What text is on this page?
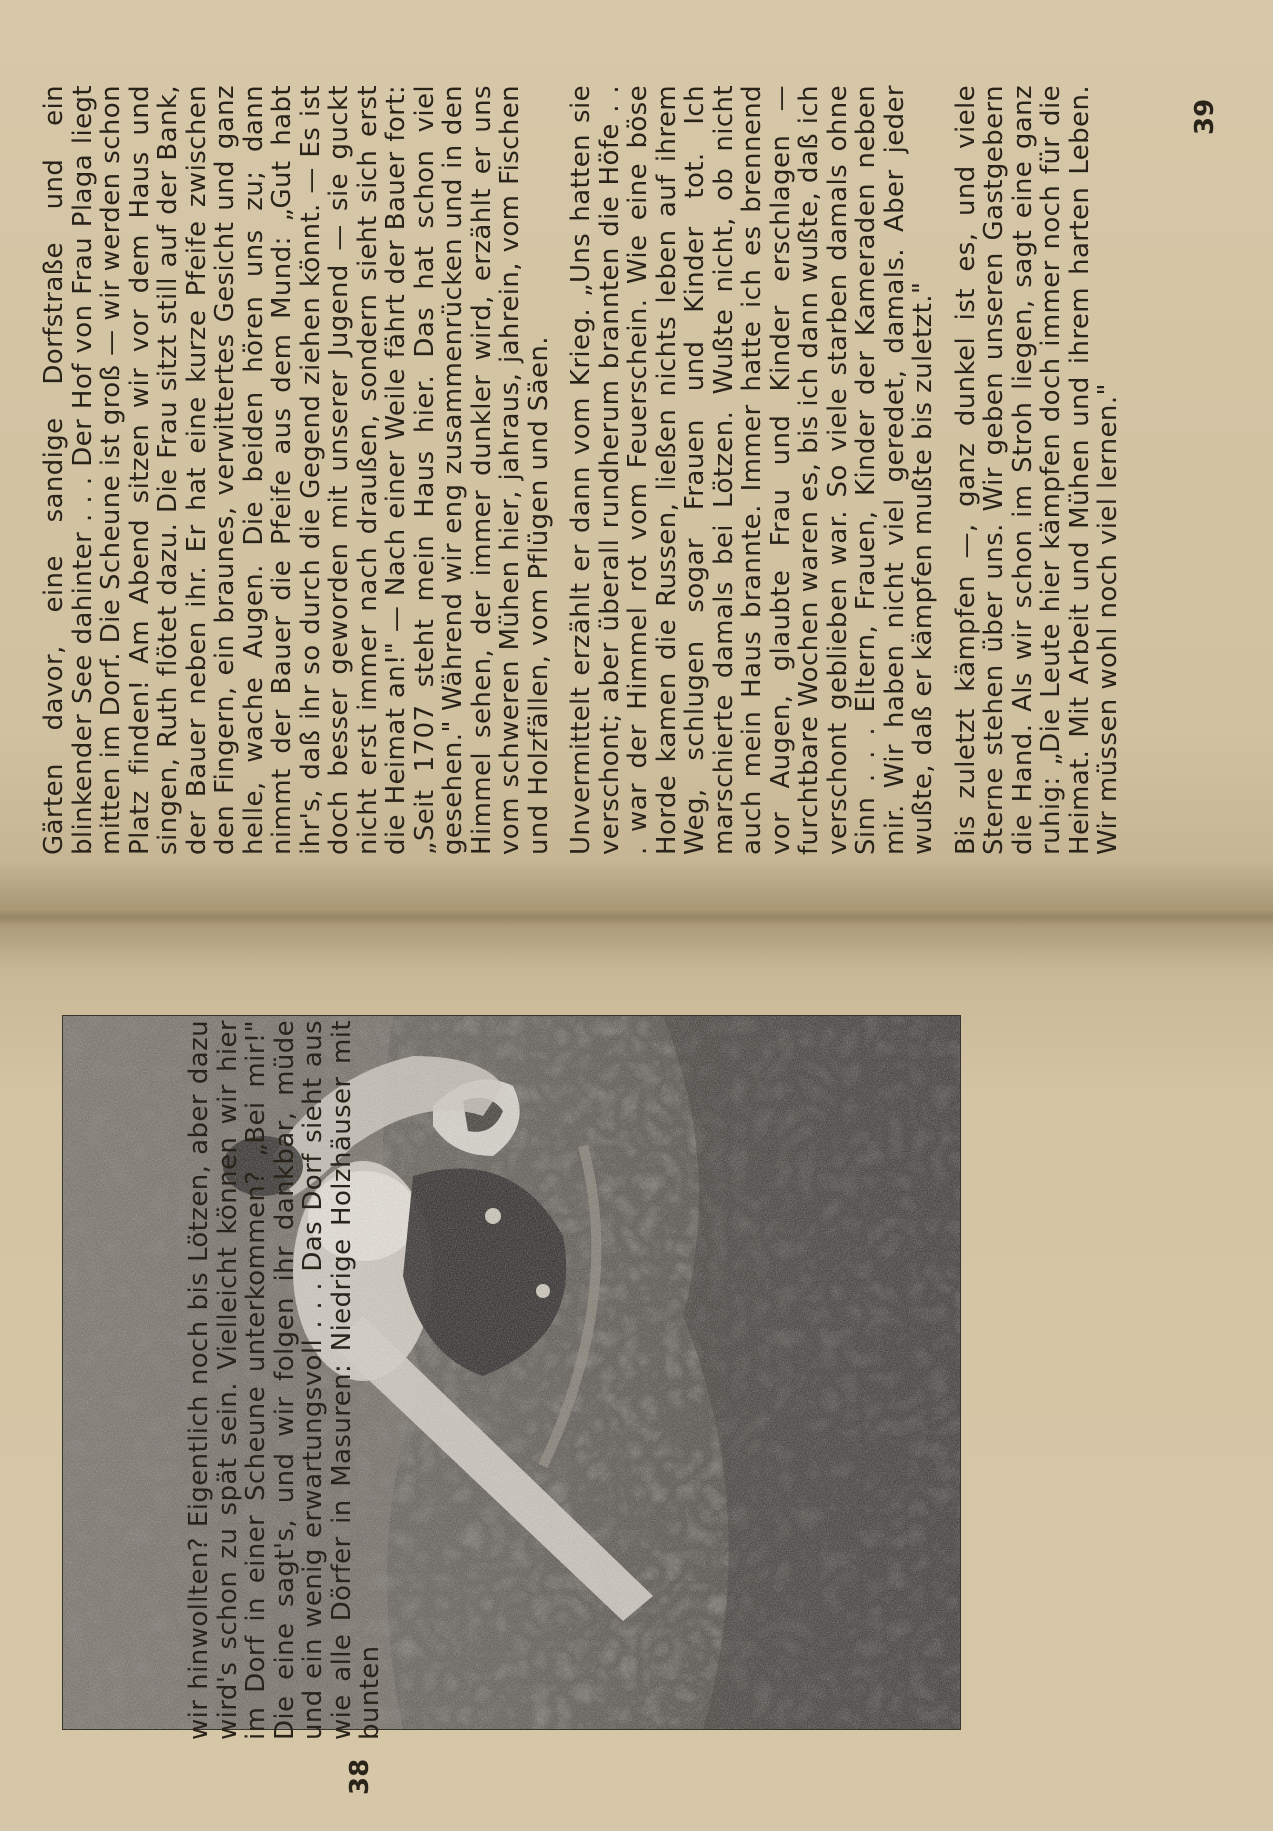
Gärten davor, eine sandige Dorfstraße und ein blinkender See dahinter . . . Der Hof von Frau Plaga liegt mitten im Dorf. Die Scheune ist groß — wir werden schon Platz finden! Am Abend sitzen wir vor dem Haus und singen, Ruth flötet dazu. Die Frau sitzt still auf der Bank, der Bauer neben ihr. Er hat eine kurze Pfeife zwischen den Fingern, ein braunes, verwittertes Gesicht und ganz helle, wache Augen. Die beiden hören uns zu; dann nimmt der Bauer die Pfeife aus dem Mund: „Gut habt ihr's, daß ihr so durch die Gegend ziehen könnt. — Es ist doch besser geworden mit unserer Jugend — sie guckt nicht erst immer nach draußen, sondern sieht sich erst die Heimat an!" — Nach einer Weile fährt der Bauer fort: „Seit 1707 steht mein Haus hier. Das hat schon viel gesehen." Während wir eng zusammenrücken und in den Himmel sehen, der immer dunkler wird, erzählt er uns vom schweren Mühen hier, jahraus, jahrein, vom Fischen und Holzfällen, vom Pflügen und Säen. Unvermittelt erzählt er dann vom Krieg. „Uns hatten sie verschont; aber überall rundherum brannten die Höfe . . . war der Himmel rot vom Feuerschein. Wie eine böse Horde kamen die Russen, ließen nichts leben auf ihrem Weg, schlugen sogar Frauen und Kinder tot. Ich marschierte damals bei Lötzen. Wußte nicht, ob nicht auch mein Haus brannte. Immer hatte ich es brennend vor Augen, glaubte Frau und Kinder erschlagen — furchtbare Wochen waren es, bis ich dann wußte, daß ich verschont geblieben war. So viele starben damals ohne Sinn . . . Eltern, Frauen, Kinder der Kameraden neben mir. Wir haben nicht viel geredet, damals. Aber jeder wußte, daß er kämpfen mußte bis zuletzt." Bis zuletzt kämpfen —, ganz dunkel ist es, und viele Sterne stehen über uns. Wir geben unseren Gastgebern die Hand. Als wir schon im Stroh liegen, sagt eine ganz ruhig: „Die Leute hier kämpfen doch immer noch für die Heimat. Mit Arbeit und Mühen und ihrem harten Leben. Wir müssen wohl noch viel lernen."

39

wir hinwollten? Eigentlich noch bis Lötzen, aber dazu wird's schon zu spät sein. Vielleicht können wir hier im Dorf in einer Scheune unterkommen? „Bei mir!" Die eine sagt's, und wir folgen ihr dankbar, müde und ein wenig erwartungsvoll . . . Das Dorf sieht aus wie alle Dörfer in Masuren: Niedrige Holzhäuser mit bunten

38
